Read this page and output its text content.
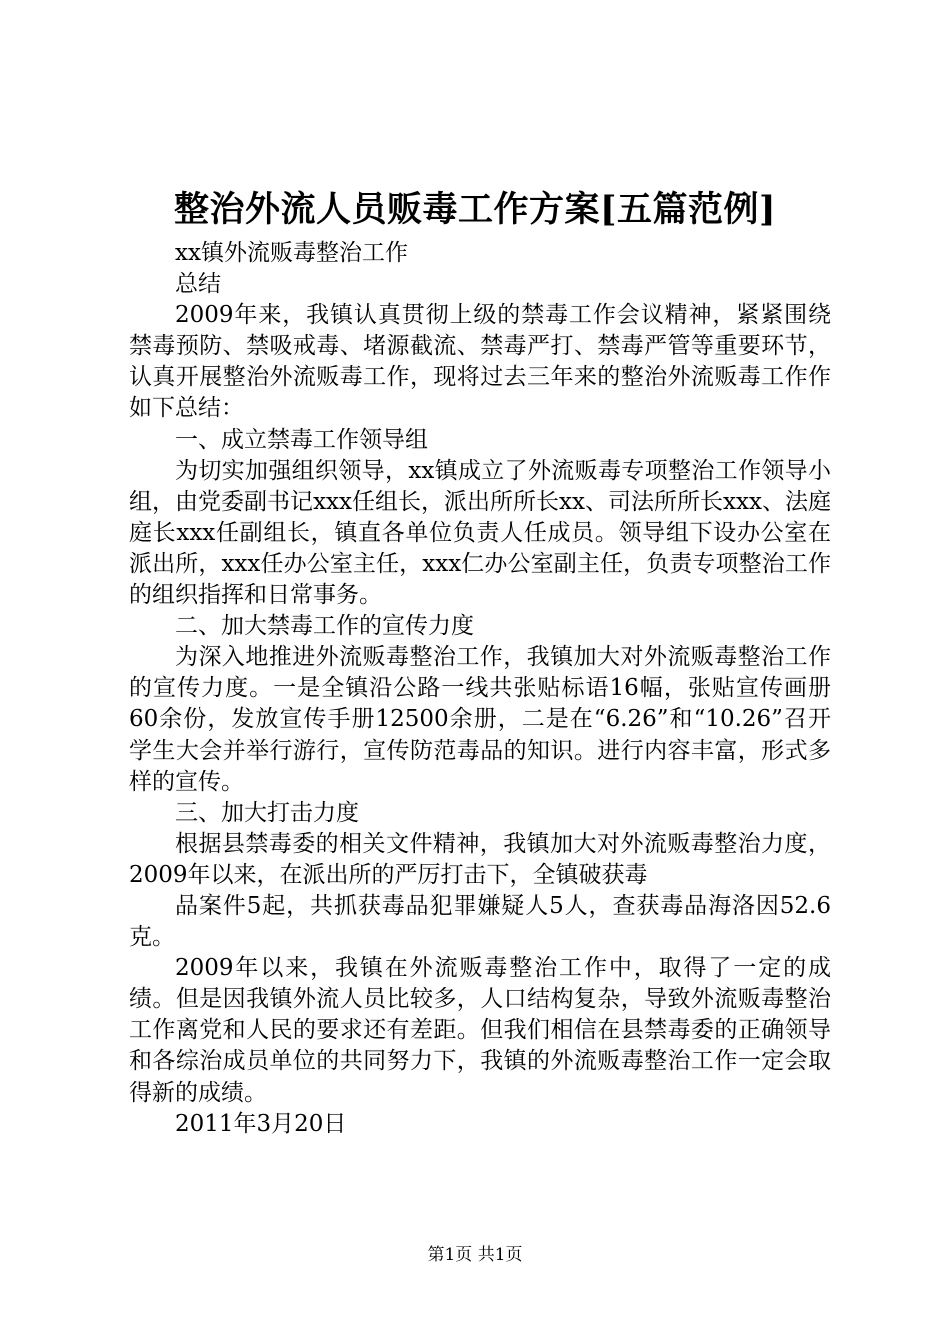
整治外流人员贩毒工作方案[五篇范例]

xx镇外流贩毒整治工作

总结

2009年来，我镇认真贯彻上级的禁毒工作会议精神，紧紧围绕禁毒预防、禁吸戒毒、堵源截流、禁毒严打、禁毒严管等重要环节，认真开展整治外流贩毒工作，现将过去三年来的整治外流贩毒工作作如下总结：

一、成立禁毒工作领导组

为切实加强组织领导，xx镇成立了外流贩毒专项整治工作领导小组，由党委副书记xxx任组长，派出所所长xx、司法所所长xxx、法庭庭长xxx任副组长，镇直各单位负责人任成员。领导组下设办公室在派出所，xxx任办公室主任，xxx仁办公室副主任，负责专项整治工作的组织指挥和日常事务。

二、加大禁毒工作的宣传力度

为深入地推进外流贩毒整治工作，我镇加大对外流贩毒整治工作的宣传力度。一是全镇沿公路一线共张贴标语16幅，张贴宣传画册60余份，发放宣传手册12500余册，二是在“6.26”和“10.26”召开学生大会并举行游行，宣传防范毒品的知识。进行内容丰富，形式多样的宣传。

三、加大打击力度

根据县禁毒委的相关文件精神，我镇加大对外流贩毒整治力度，2009年以来，在派出所的严厉打击下，全镇破获毒

品案件5起，共抓获毒品犯罪嫌疑人5人，查获毒品海洛因52.6克。

2009年以来，我镇在外流贩毒整治工作中，取得了一定的成绩。但是因我镇外流人员比较多，人口结构复杂，导致外流贩毒整治工作离党和人民的要求还有差距。但我们相信在县禁毒委的正确领导和各综治成员单位的共同努力下，我镇的外流贩毒整治工作一定会取得新的成绩。

2011年3月20日

第1页 共1页
